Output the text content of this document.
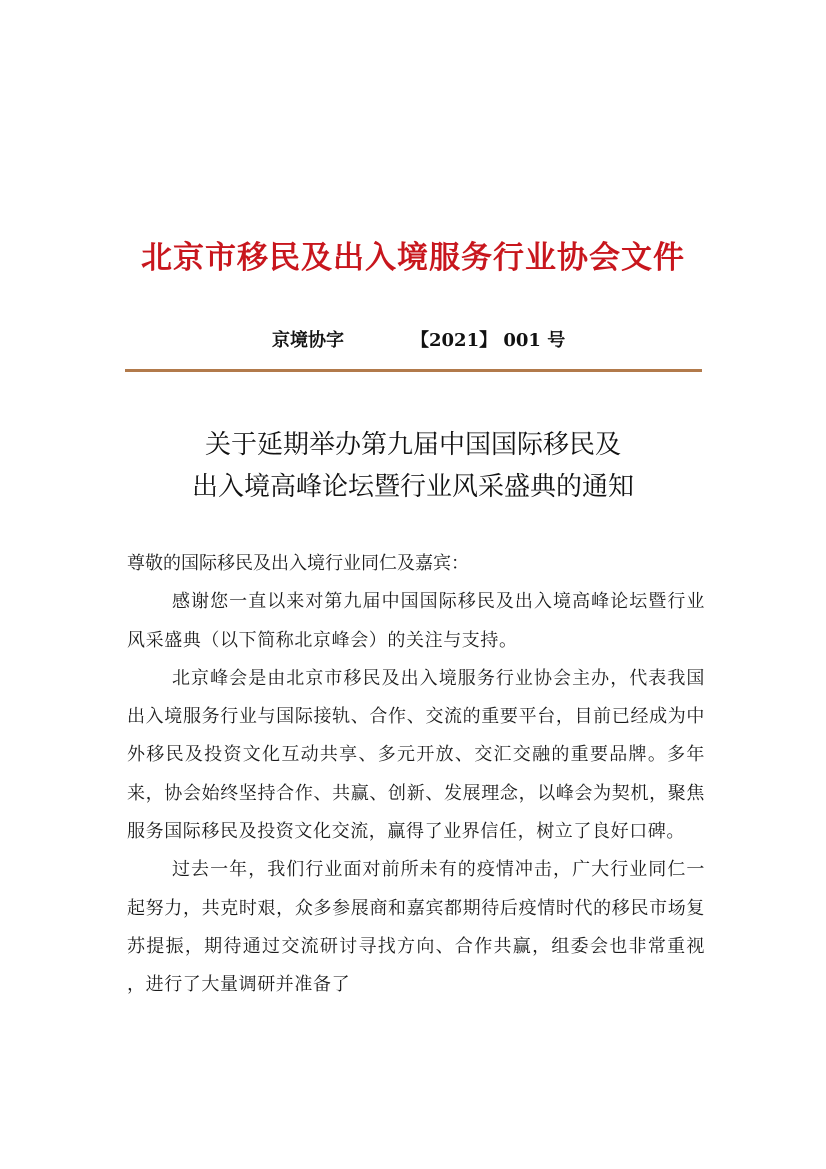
北京市移民及出入境服务行业协会文件
京境协字	【2021】 001 号
关于延期举办第九届中国国际移民及
出入境高峰论坛暨行业风采盛典的通知

尊敬的国际移民及出入境行业同仁及嘉宾：

感谢您一直以来对第九届中国国际移民及出入境高峰论坛暨行业风采盛典（以下简称北京峰会）的关注与支持。

北京峰会是由北京市移民及出入境服务行业协会主办，代表我国出入境服务行业与国际接轨、合作、交流的重要平台，目前已经成为中外移民及投资文化互动共享、多元开放、交汇交融的重要品牌。多年来，协会始终坚持合作、共赢、创新、发展理念，以峰会为契机，聚焦服务国际移民及投资文化交流，赢得了业界信任，树立了良好口碑。

过去一年，我们行业面对前所未有的疫情冲击，广大行业同仁一起努力，共克时艰，众多参展商和嘉宾都期待后疫情时代的移民市场复苏提振，期待通过交流研讨寻找方向、合作共赢，组委会也非常重视 ，进行了大量调研并准备了
